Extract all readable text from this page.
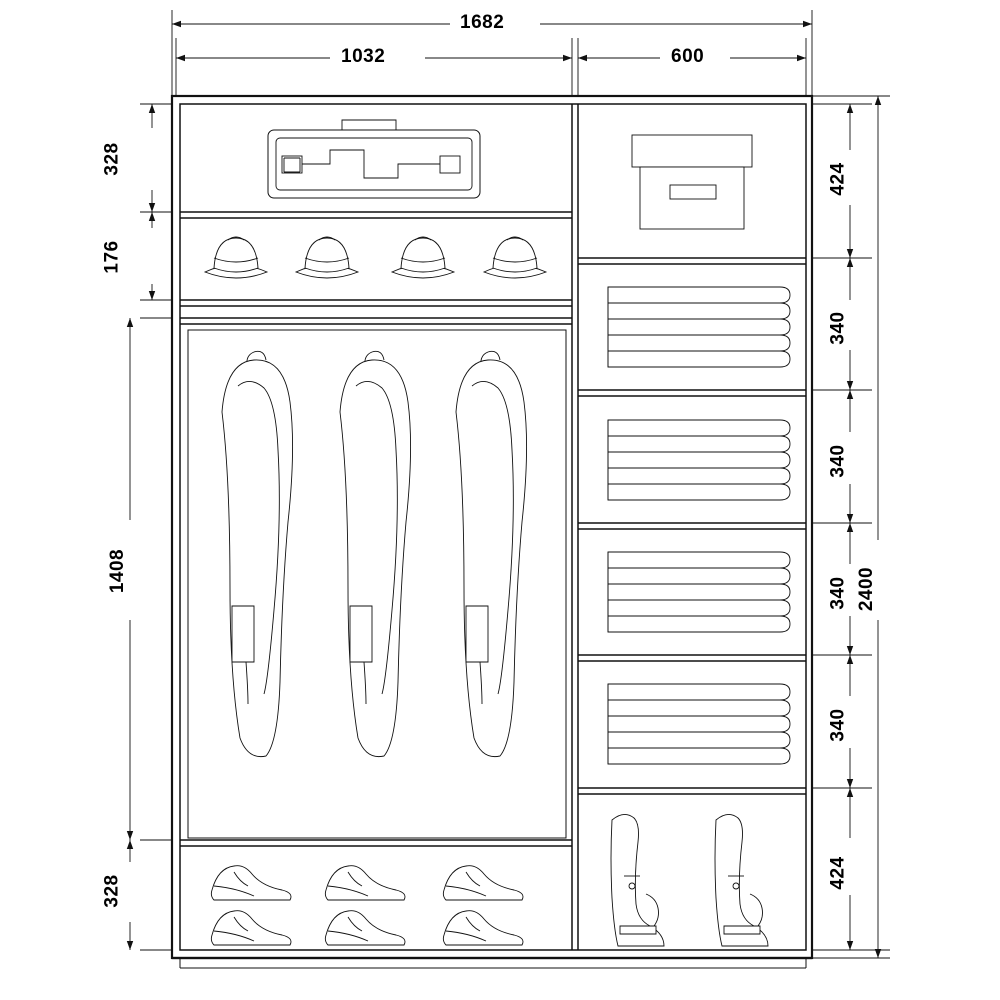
1682
1032	600
328
176
1408
328
424
340
340
340
340
424
2400
